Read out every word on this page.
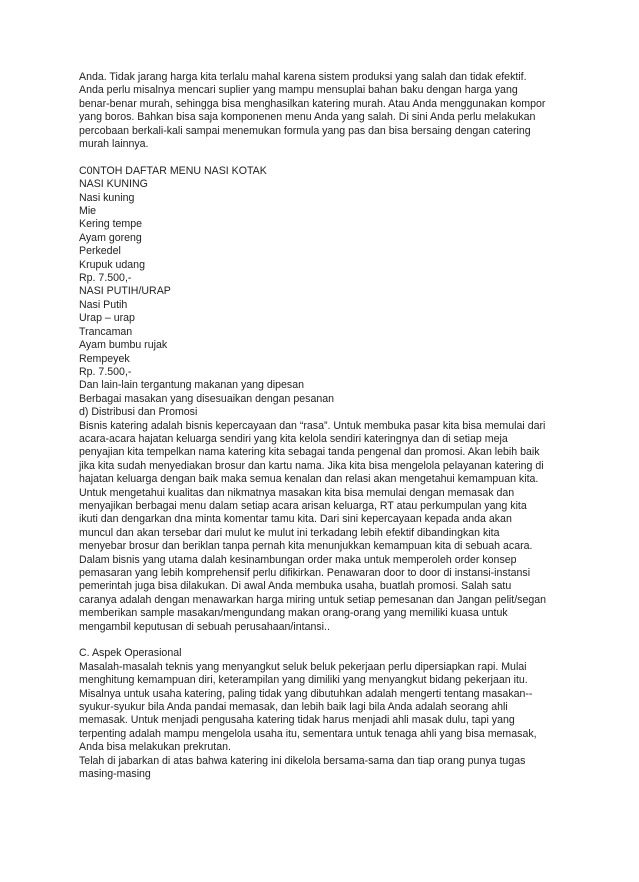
Anda. Tidak jarang harga kita terlalu mahal karena sistem produksi yang salah dan tidak efektif.
Anda perlu misalnya mencari suplier yang mampu mensuplai bahan baku dengan harga yang
benar-benar murah, sehingga bisa menghasilkan katering murah. Atau Anda menggunakan kompor
yang boros. Bahkan bisa saja komponenen menu Anda yang salah. Di sini Anda perlu melakukan
percobaan berkali-kali sampai menemukan formula yang pas dan bisa bersaing dengan catering
murah lainnya.
C0NTOH DAFTAR MENU NASI KOTAK
NASI KUNING
Nasi kuning
Mie
Kering tempe
Ayam goreng
Perkedel
Krupuk udang
Rp. 7.500,-
NASI PUTIH/URAP
Nasi Putih
Urap – urap
Trancaman
Ayam bumbu rujak
Rempeyek
Rp. 7.500,-
Dan lain-lain tergantung makanan yang dipesan
Berbagai masakan yang disesuaikan dengan pesanan
d) Distribusi dan Promosi
Bisnis katering adalah bisnis kepercayaan dan “rasa”. Untuk membuka pasar kita bisa memulai dari
acara-acara hajatan keluarga sendiri yang kita kelola sendiri kateringnya dan di setiap meja
penyajian kita tempelkan nama katering kita sebagai tanda pengenal dan promosi. Akan lebih baik
jika kita sudah menyediakan brosur dan kartu nama. Jika kita bisa mengelola pelayanan katering di
hajatan keluarga dengan baik maka semua kenalan dan relasi akan mengetahui kemampuan kita.
Untuk mengetahui kualitas dan nikmatnya masakan kita bisa memulai dengan memasak dan
menyajikan berbagai menu dalam setiap acara arisan keluarga, RT atau perkumpulan yang kita
ikuti dan dengarkan dna minta komentar tamu kita. Dari sini kepercayaan kepada anda akan
muncul dan akan tersebar dari mulut ke mulut ini terkadang lebih efektif dibandingkan kita
menyebar brosur dan beriklan tanpa pernah kita menunjukkan kemampuan kita di sebuah acara.
Dalam bisnis yang utama dalah kesinambungan order maka untuk memperoleh order konsep
pemasaran yang lebih komprehensif perlu difikirkan. Penawaran door to door di instansi-instansi
pemerintah juga bisa dilakukan. Di awal Anda membuka usaha, buatlah promosi. Salah satu
caranya adalah dengan menawarkan harga miring untuk setiap pemesanan dan Jangan pelit/segan
memberikan sample masakan/mengundang makan orang-orang yang memiliki kuasa untuk
mengambil keputusan di sebuah perusahaan/intansi..
C. Aspek Operasional
Masalah-masalah teknis yang menyangkut seluk beluk pekerjaan perlu dipersiapkan rapi. Mulai
menghitung kemampuan diri, keterampilan yang dimiliki yang menyangkut bidang pekerjaan itu.
Misalnya untuk usaha katering, paling tidak yang dibutuhkan adalah mengerti tentang masakan--
syukur-syukur bila Anda pandai memasak, dan lebih baik lagi bila Anda adalah seorang ahli
memasak. Untuk menjadi pengusaha katering tidak harus menjadi ahli masak dulu, tapi yang
terpenting adalah mampu mengelola usaha itu, sementara untuk tenaga ahli yang bisa memasak,
Anda bisa melakukan prekrutan.
Telah di jabarkan di atas bahwa katering ini dikelola bersama-sama dan tiap orang punya tugas
masing-masing
